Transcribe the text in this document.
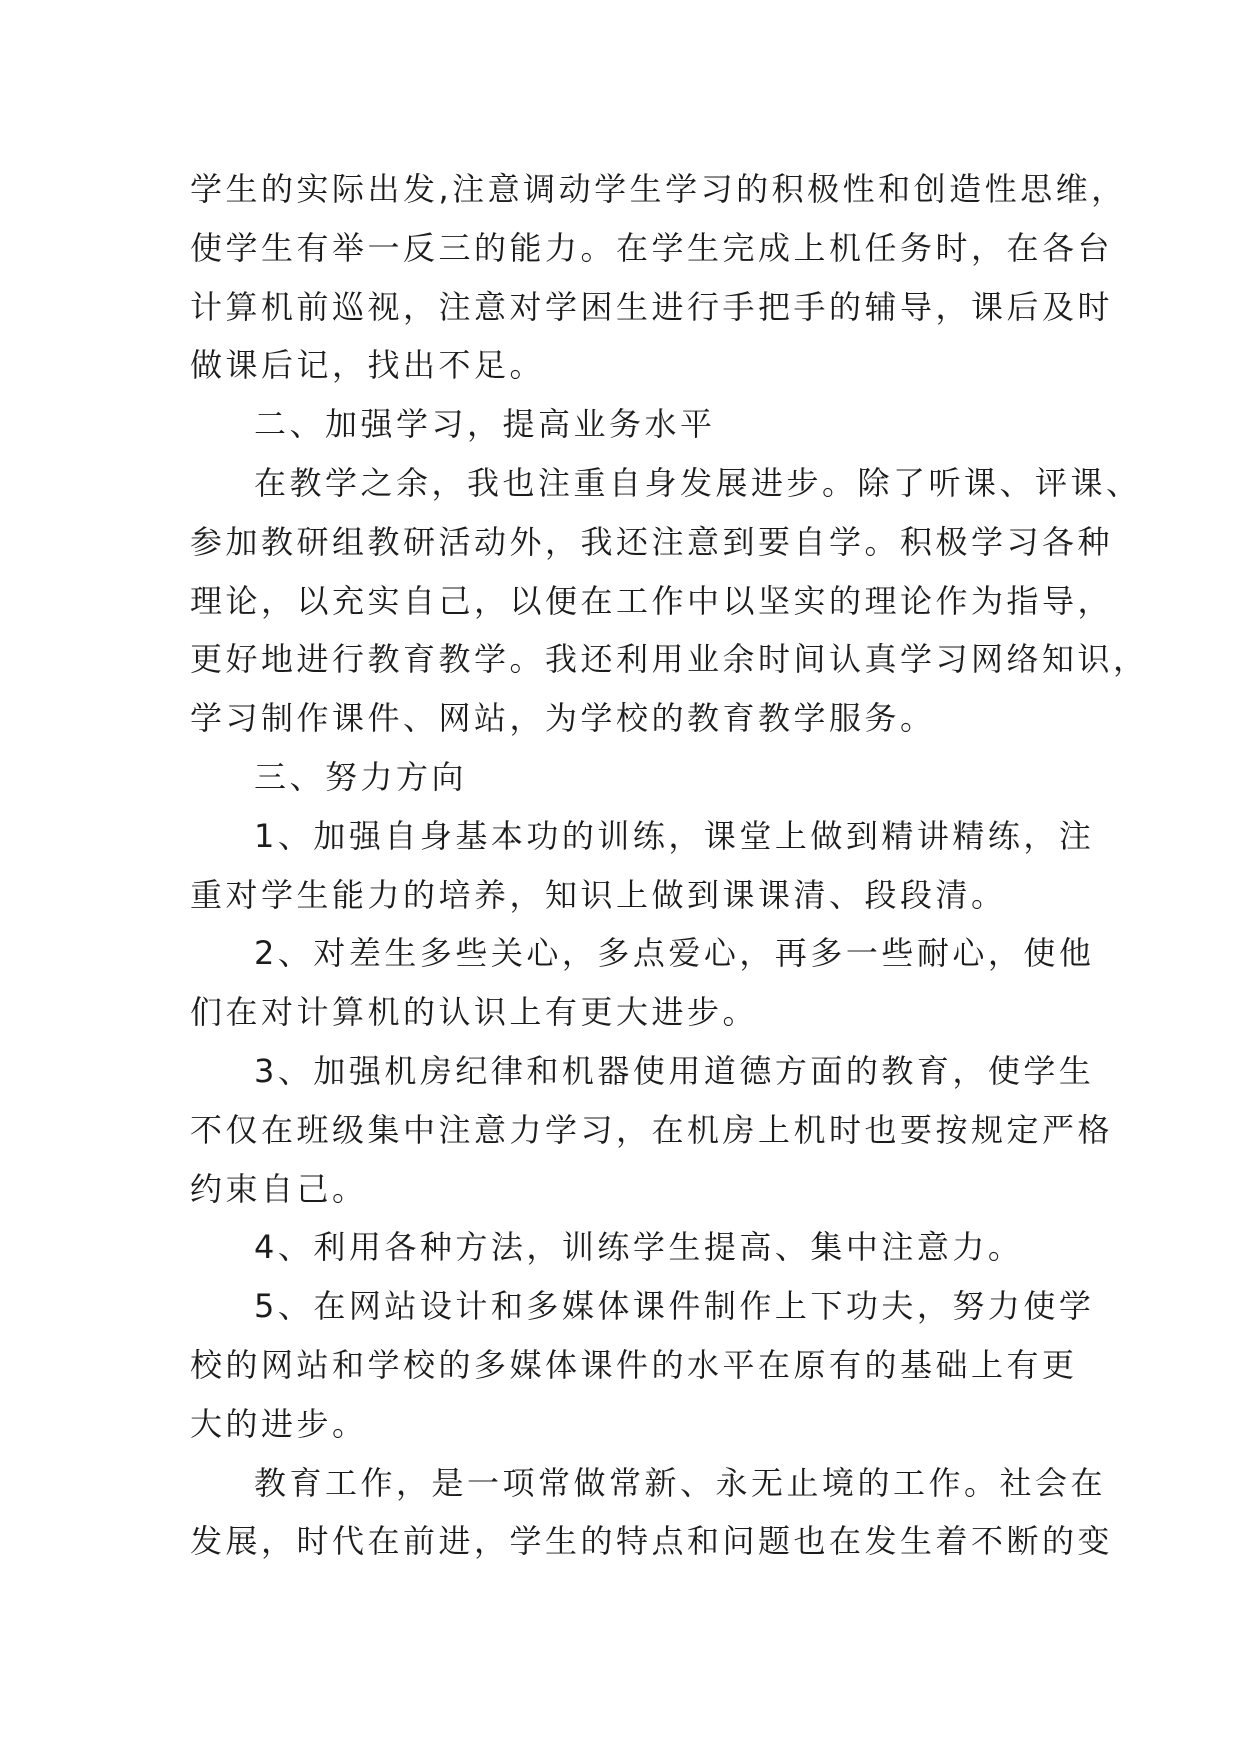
学生的实际出发,注意调动学生学习的积极性和创造性思维，
使学生有举一反三的能力。在学生完成上机任务时，在各台
计算机前巡视，注意对学困生进行手把手的辅导，课后及时
做课后记，找出不足。
二、加强学习，提高业务水平
在教学之余，我也注重自身发展进步。除了听课、评课、
参加教研组教研活动外，我还注意到要自学。积极学习各种
理论，以充实自己，以便在工作中以坚实的理论作为指导，
更好地进行教育教学。我还利用业余时间认真学习网络知识，
学习制作课件、网站，为学校的教育教学服务。
三、努力方向
1、加强自身基本功的训练，课堂上做到精讲精练，注
重对学生能力的培养，知识上做到课课清、段段清。
2、对差生多些关心，多点爱心，再多一些耐心，使他
们在对计算机的认识上有更大进步。
3、加强机房纪律和机器使用道德方面的教育，使学生
不仅在班级集中注意力学习，在机房上机时也要按规定严格
约束自己。
4、利用各种方法，训练学生提高、集中注意力。
5、在网站设计和多媒体课件制作上下功夫，努力使学
校的网站和学校的多媒体课件的水平在原有的基础上有更
大的进步。
教育工作，是一项常做常新、永无止境的工作。社会在
发展，时代在前进，学生的特点和问题也在发生着不断的变
